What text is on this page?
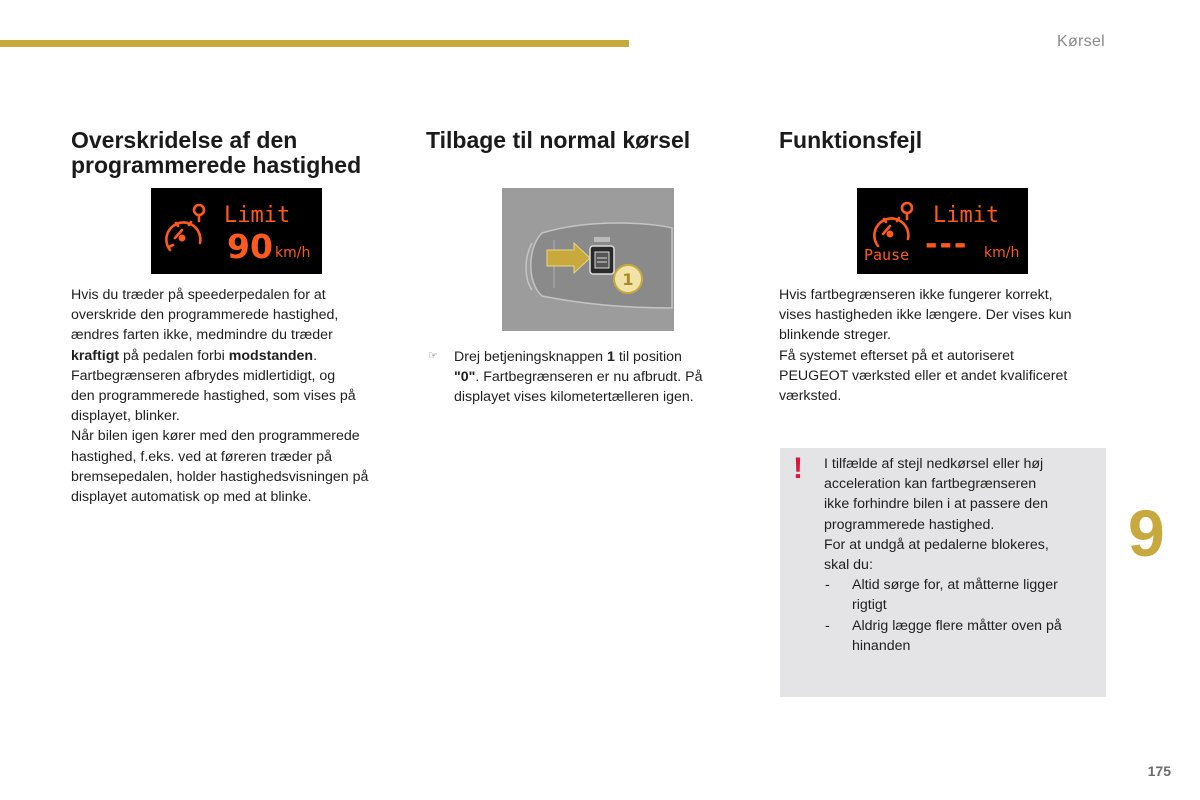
Kørsel
Overskridelse af den
programmerede hastighed
Limit
90 km/h

Hvis du træder på speederpedalen for at
overskride den programmerede hastighed,
ændres farten ikke, medmindre du træder
kraftigt på pedalen forbi modstanden.
Fartbegrænseren afbrydes midlertidigt, og
den programmerede hastighed, som vises på
displayet, blinker.
Når bilen igen kører med den programmerede
hastighed, f.eks. ved at føreren træder på
bremsepedalen, holder hastighedsvisningen på
displayet automatisk op med at blinke.

Tilbage til normal kørsel
1
☞ Drej betjeningsknappen 1 til position
"0". Fartbegrænseren er nu afbrudt. På
displayet vises kilometertælleren igen.

Funktionsfejl
Limit
Pause --- km/h

Hvis fartbegrænseren ikke fungerer korrekt,
vises hastigheden ikke længere. Der vises kun
blinkende streger.
Få systemet efterset på et autoriseret
PEUGEOT værksted eller et andet kvalificeret
værksted.

! I tilfælde af stejl nedkørsel eller høj
acceleration kan fartbegrænseren
ikke forhindre bilen i at passere den
programmerede hastighed.
For at undgå at pedalerne blokeres,
skal du:

- Altid sørge for, at måtterne ligger
rigtigt
- Aldrig lægge flere måtter oven på
hinanden
9
175
